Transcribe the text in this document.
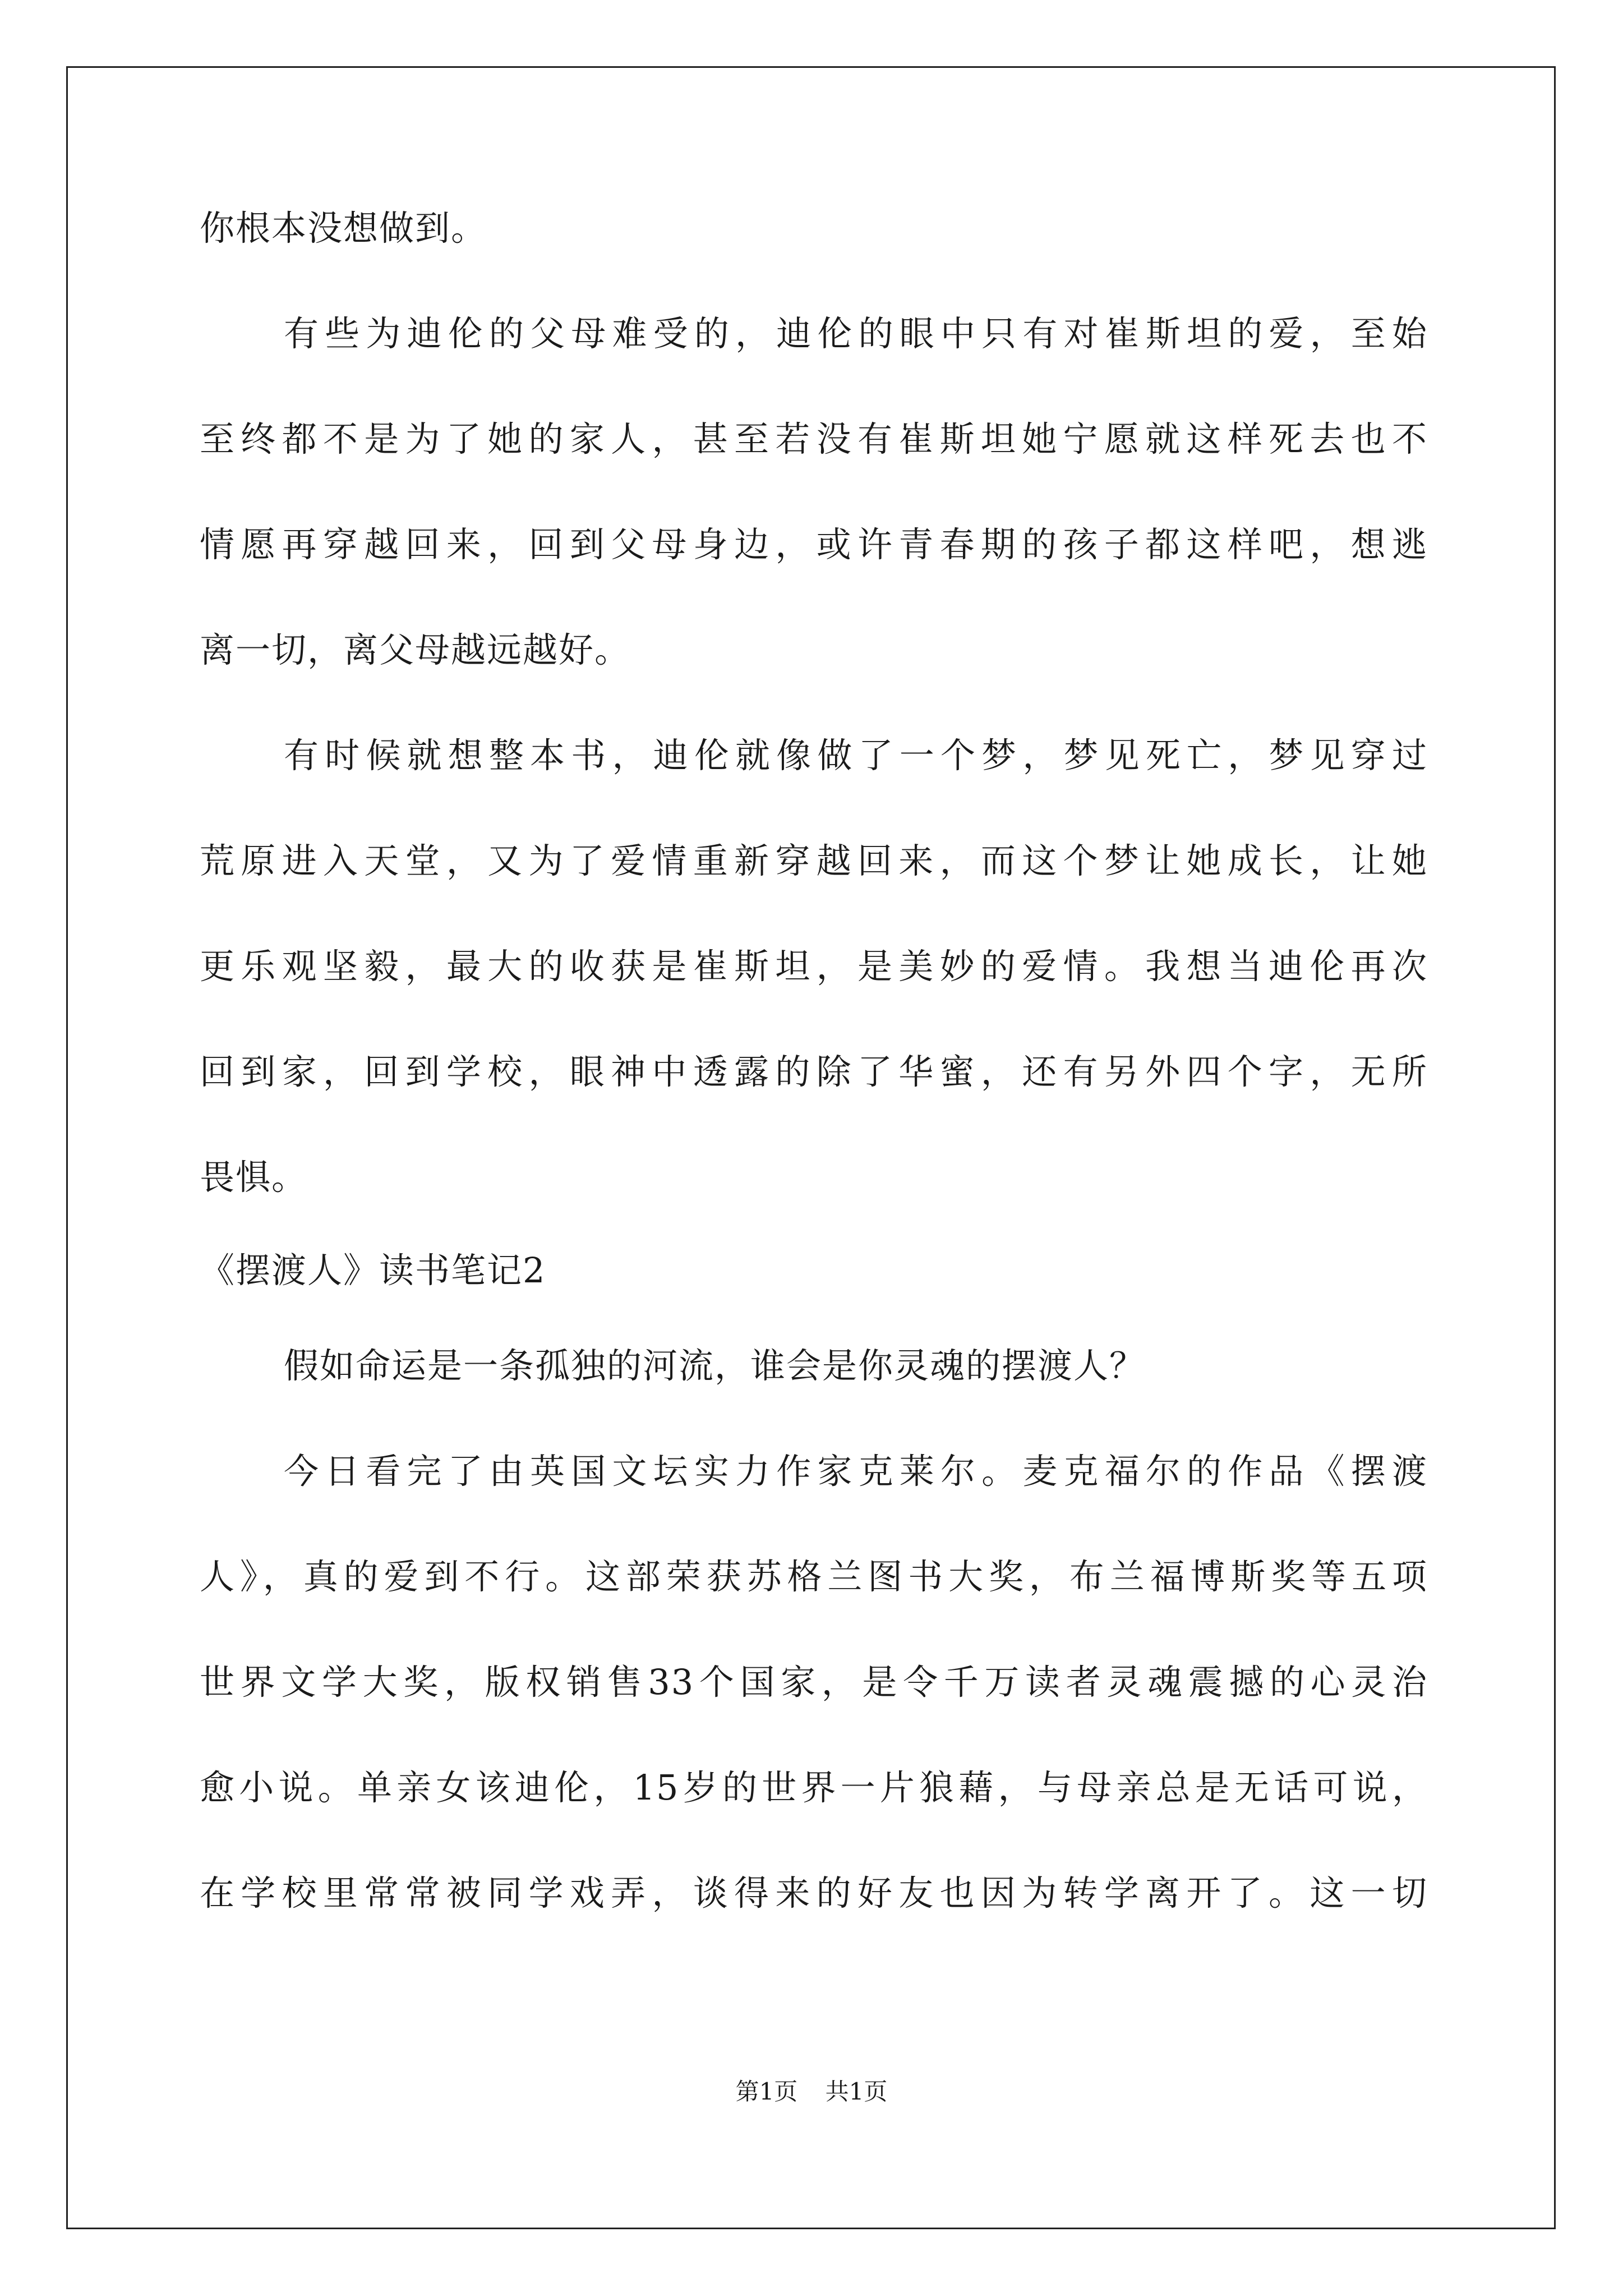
你根本没想做到。
有些为迪伦的父母难受的，迪伦的眼中只有对崔斯坦的爱，至始
至终都不是为了她的家人，甚至若没有崔斯坦她宁愿就这样死去也不
情愿再穿越回来，回到父母身边，或许青春期的孩子都这样吧，想逃
离一切，离父母越远越好。
有时候就想整本书，迪伦就像做了一个梦，梦见死亡，梦见穿过
荒原进入天堂，又为了爱情重新穿越回来，而这个梦让她成长，让她
更乐观坚毅，最大的收获是崔斯坦，是美妙的爱情。我想当迪伦再次
回到家，回到学校，眼神中透露的除了华蜜，还有另外四个字，无所
畏惧。
《摆渡人》读书笔记2
假如命运是一条孤独的河流，谁会是你灵魂的摆渡人？
今日看完了由英国文坛实力作家克莱尔。麦克福尔的作品《摆渡
人》，真的爱到不行。这部荣获苏格兰图书大奖，布兰福博斯奖等五项
世界文学大奖，版权销售33个国家，是令千万读者灵魂震撼的心灵治
愈小说。单亲女该迪伦，15岁的世界一片狼藉，与母亲总是无话可说，
在学校里常常被同学戏弄，谈得来的好友也因为转学离开了。这一切
第1页 共1页
